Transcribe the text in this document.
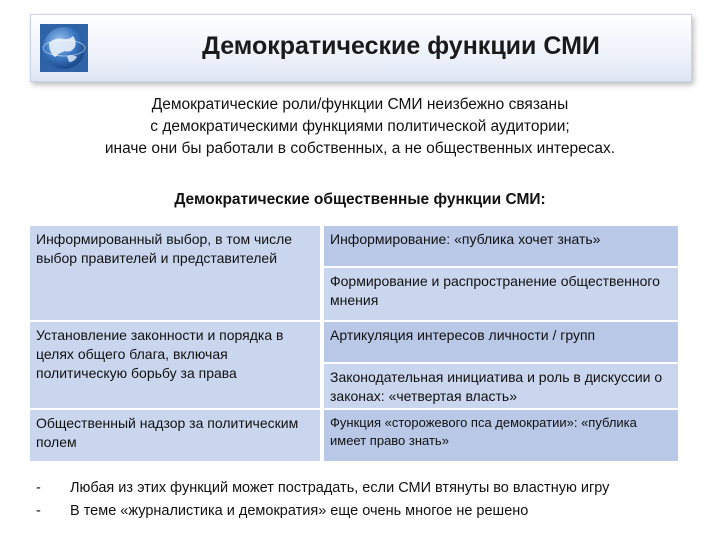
Демократические функции СМИ
Демократические роли/функции СМИ неизбежно связаны
с демократическими функциями политической аудитории;
иначе они бы работали в собственных, а не общественных интересах.
Демократические общественные функции СМИ:
Информированный выбор, в том числе выбор правителей и представителей
Установление законности и порядка в целях общего блага, включая политическую борьбу за права
Общественный надзор за политическим полем
Информирование: «публика хочет знать»
Формирование и распространение общественного мнения
Артикуляция интересов личности / групп
Законодательная инициатива и роль в дискуссии о законах: «четвертая власть»
Функция «сторожевого пса демократии»: «публика имеет право знать»
-	Любая из этих функций может пострадать, если СМИ втянуты во властную игру
-	В теме «журналистика и демократия» еще очень многое не решено
